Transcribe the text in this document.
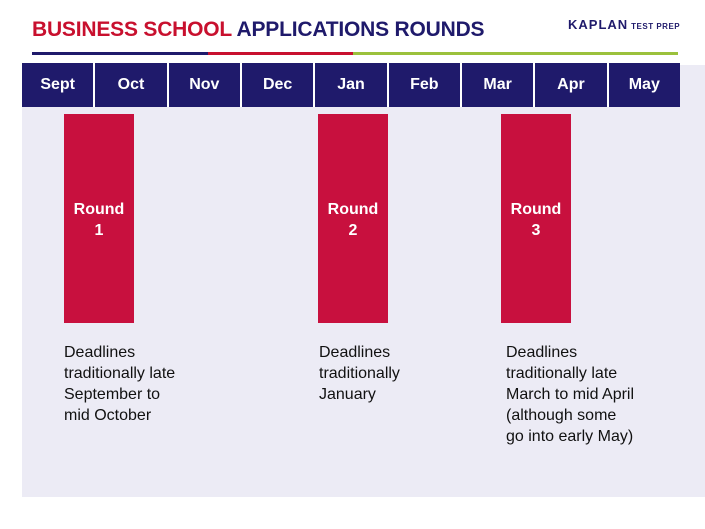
BUSINESS SCHOOL APPLICATIONS ROUNDS	KAPLAN TEST PREP
Sept	Oct	Nov	Dec	Jan	Feb	Mar	Apr	May
Round
1
Round
2
Round
3
Deadlines
traditionally late
September to
mid October
Deadlines
traditionally
January
Deadlines
traditionally late
March to mid April
(although some
go into early May)
